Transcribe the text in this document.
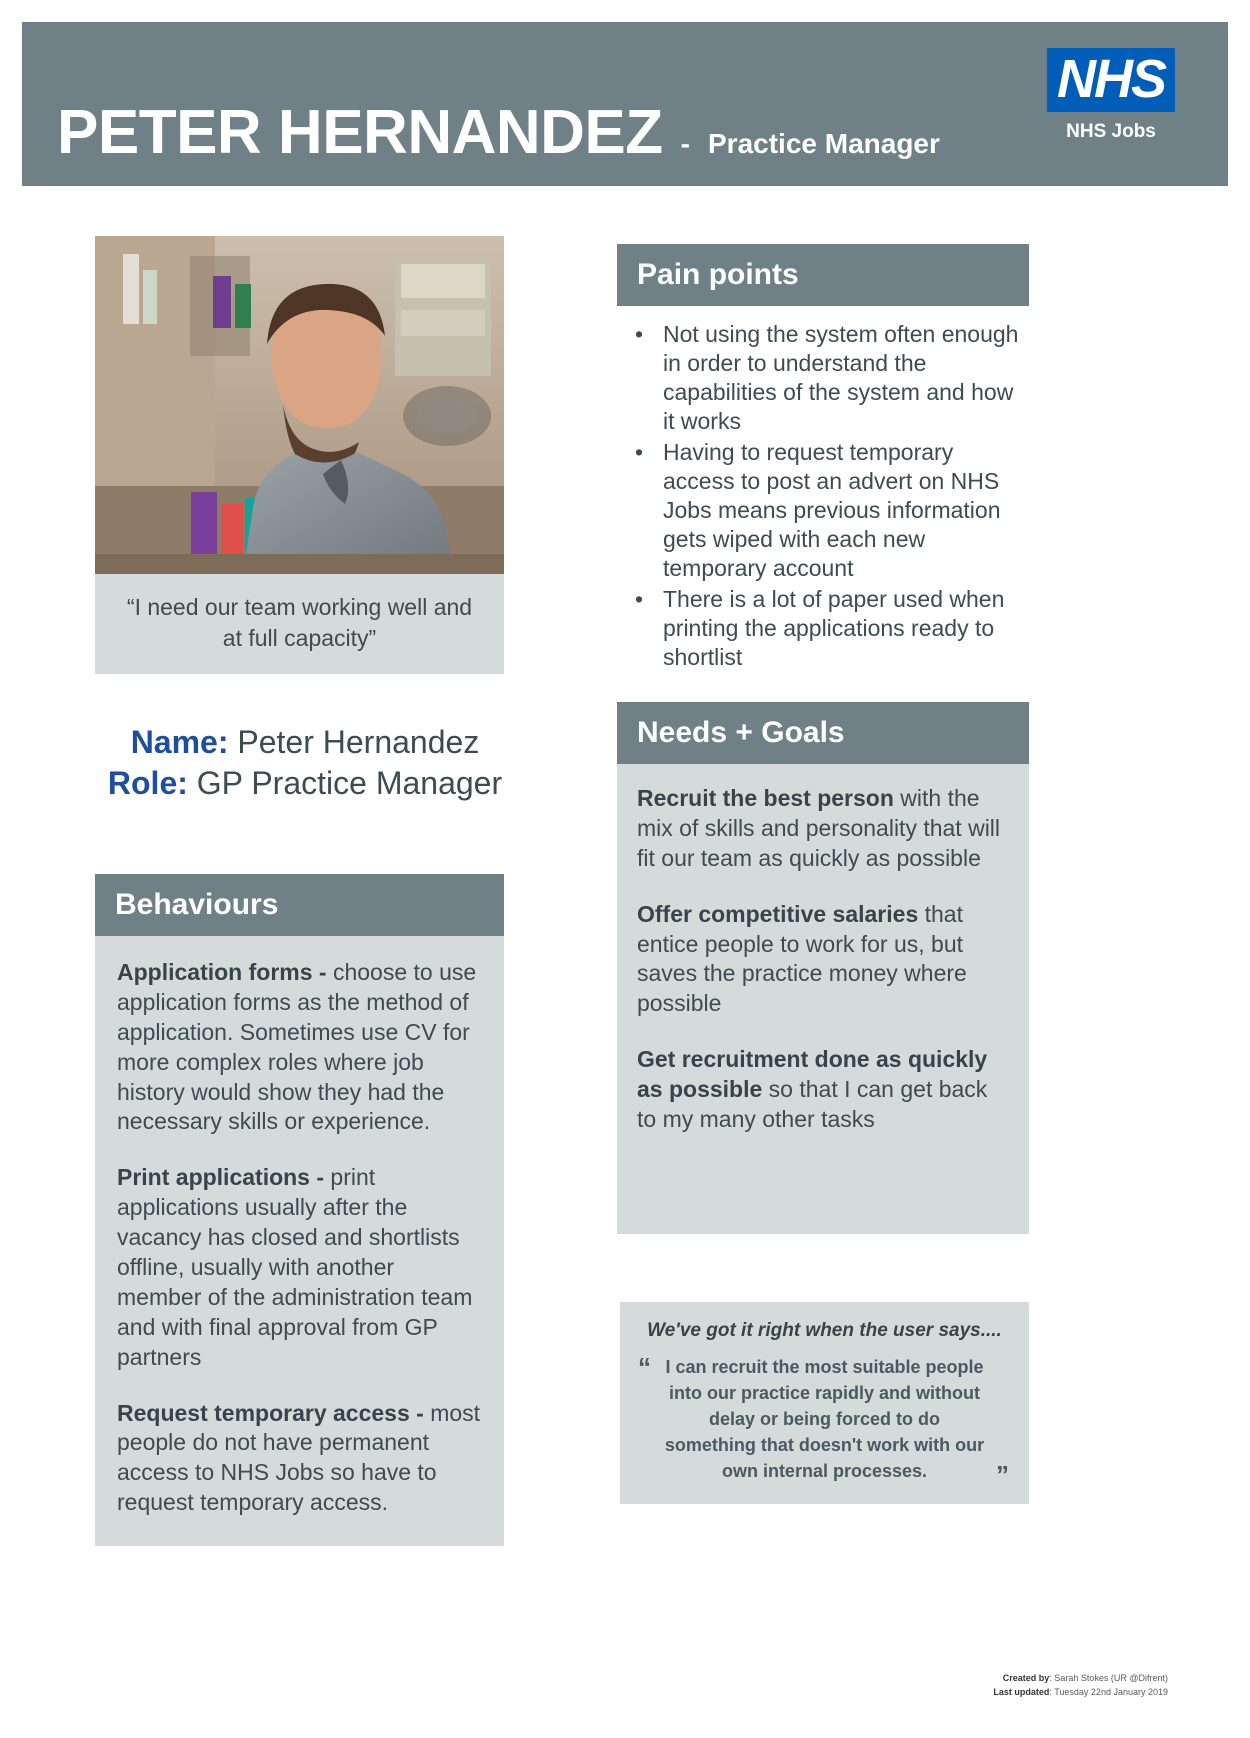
PETER HERNANDEZ - Practice Manager
NHS
NHS Jobs
“I need our team working well and at full capacity”
Name: Peter Hernandez
Role: GP Practice Manager
Behaviours

Application forms - choose to use application forms as the method of application. Sometimes use CV for more complex roles where job history would show they had the necessary skills or experience.

Print applications - print applications usually after the vacancy has closed and shortlists offline, usually with another member of the administration team and with final approval from GP partners

Request temporary access - most people do not have permanent access to NHS Jobs so have to request temporary access.

Pain points
• Not using the system often enough in order to understand the capabilities of the system and how it works
• Having to request temporary access to post an advert on NHS Jobs means previous information gets wiped with each new temporary account
• There is a lot of paper used when printing the applications ready to shortlist
Needs + Goals

Recruit the best person with the mix of skills and personality that will fit our team as quickly as possible

Offer competitive salaries that entice people to work for us, but saves the practice money where possible

Get recruitment done as quickly as possible so that I can get back to my many other tasks

We've got it right when the user says....
“ I can recruit the most suitable people into our practice rapidly and without delay or being forced to do something that doesn't work with our own internal processes.	”
Created by: Sarah Stokes (UR @Difrent)
Last updated: Tuesday 22nd January 2019
